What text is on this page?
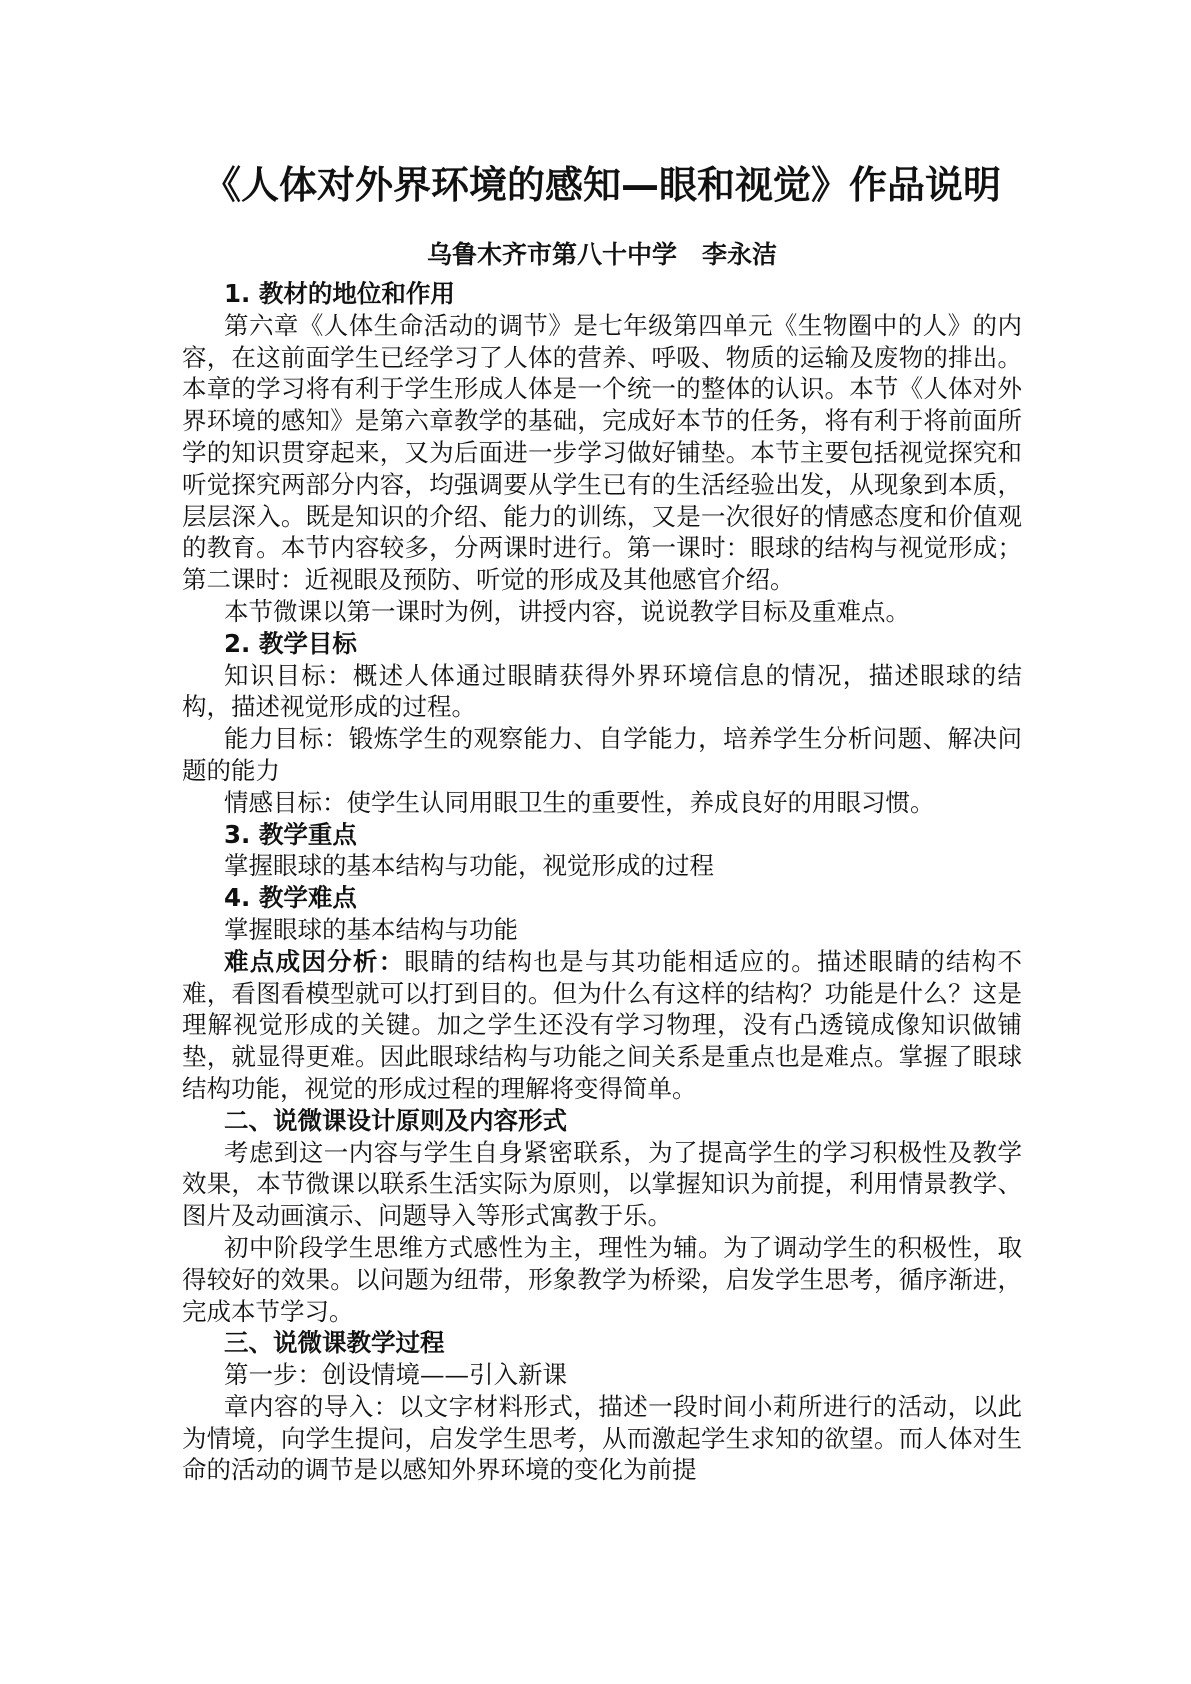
《人体对外界环境的感知—眼和视觉》作品说明
乌鲁木齐市第八十中学　李永洁
1. 教材的地位和作用

第六章《人体生命活动的调节》是七年级第四单元《生物圈中的人》的内容，在这前面学生已经学习了人体的营养、呼吸、物质的运输及废物的排出。本章的学习将有利于学生形成人体是一个统一的整体的认识。本节《人体对外界环境的感知》是第六章教学的基础，完成好本节的任务，将有利于将前面所学的知识贯穿起来，又为后面进一步学习做好铺垫。本节主要包括视觉探究和听觉探究两部分内容，均强调要从学生已有的生活经验出发，从现象到本质，层层深入。既是知识的介绍、能力的训练，又是一次很好的情感态度和价值观的教育。本节内容较多，分两课时进行。第一课时：眼球的结构与视觉形成；第二课时：近视眼及预防、听觉的形成及其他感官介绍。

本节微课以第一课时为例，讲授内容，说说教学目标及重难点。

2. 教学目标

知识目标：概述人体通过眼睛获得外界环境信息的情况，描述眼球的结构，描述视觉形成的过程。

能力目标：锻炼学生的观察能力、自学能力，培养学生分析问题、解决问题的能力

情感目标：使学生认同用眼卫生的重要性，养成良好的用眼习惯。

3. 教学重点

掌握眼球的基本结构与功能，视觉形成的过程

4. 教学难点

掌握眼球的基本结构与功能

难点成因分析：眼睛的结构也是与其功能相适应的。描述眼睛的结构不难，看图看模型就可以打到目的。但为什么有这样的结构？功能是什么？这是理解视觉形成的关键。加之学生还没有学习物理，没有凸透镜成像知识做铺垫，就显得更难。因此眼球结构与功能之间关系是重点也是难点。掌握了眼球结构功能，视觉的形成过程的理解将变得简单。

二、说微课设计原则及内容形式

考虑到这一内容与学生自身紧密联系，为了提高学生的学习积极性及教学效果，本节微课以联系生活实际为原则，以掌握知识为前提，利用情景教学、图片及动画演示、问题导入等形式寓教于乐。

初中阶段学生思维方式感性为主，理性为辅。为了调动学生的积极性，取得较好的效果。以问题为纽带，形象教学为桥梁，启发学生思考，循序渐进，完成本节学习。

三、说微课教学过程

第一步：创设情境——引入新课

章内容的导入：以文字材料形式，描述一段时间小莉所进行的活动，以此为情境，向学生提问，启发学生思考，从而激起学生求知的欲望。而人体对生命的活动的调节是以感知外界环境的变化为前提
